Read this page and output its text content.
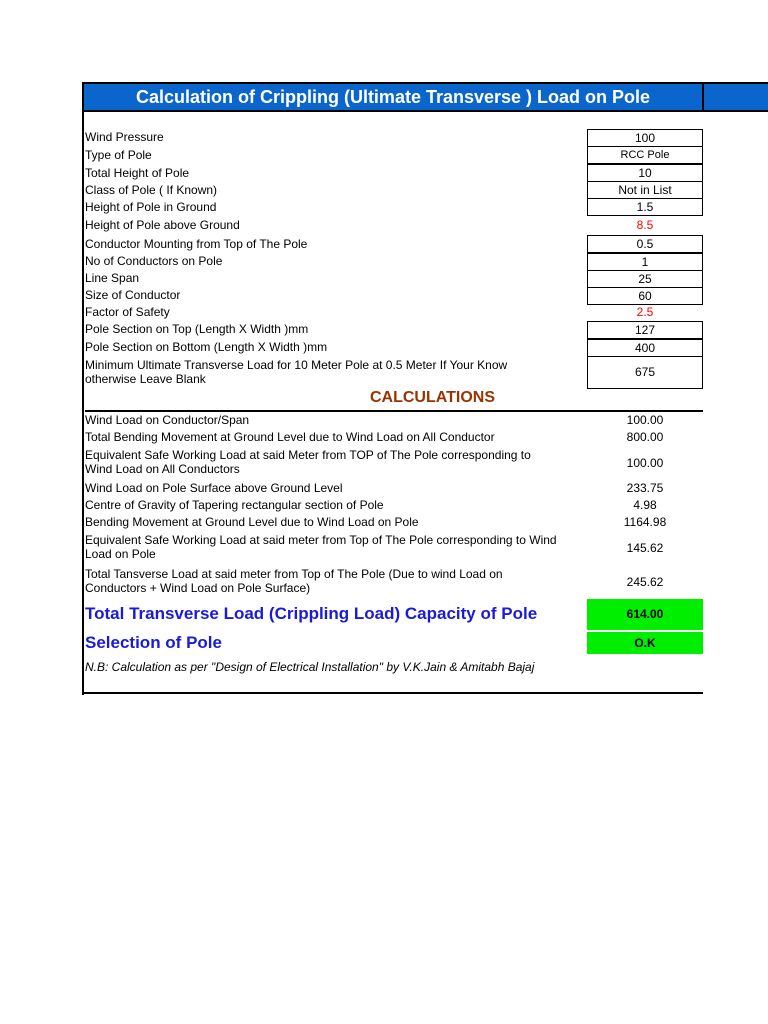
Calculation of Crippling (Ultimate Transverse ) Load on Pole
Wind Pressure	100
Type of Pole	RCC Pole
Total Height of Pole	10
Class of Pole ( If Known)	Not in List
Height of Pole in Ground	1.5
Height of Pole above Ground	8.5
Conductor Mounting from Top of The Pole	0.5
No of Conductors on Pole	1
Line Span	25
Size of Conductor	60
Factor of Safety	2.5
Pole Section on Top (Length X Width )mm	127
Pole Section on Bottom (Length X Width )mm	400
Minimum Ultimate Transverse Load for 10 Meter Pole at 0.5 Meter If Your Know
otherwise Leave Blank	675
CALCULATIONS
Wind Load on Conductor/Span	100.00
Total Bending Movement at Ground Level due to Wind Load on All Conductor	800.00
Equivalent Safe Working Load at said Meter from TOP of The Pole corresponding to
Wind Load on All Conductors	100.00
Wind Load on Pole Surface above Ground Level	233.75
Centre of Gravity of Tapering rectangular section of Pole	4.98
Bending Movement at Ground Level due to Wind Load on Pole	1164.98
Equivalent Safe Working Load at said meter from Top of The Pole corresponding to Wind
Load on Pole	145.62
Total Tansverse Load at said meter from Top of The Pole (Due to wind Load on
Conductors + Wind Load on Pole Surface)	245.62
Total Transverse Load (Crippling Load) Capacity of Pole	614.00
Selection of Pole	O.K
N.B: Calculation as per "Design of Electrical Installation" by V.K.Jain & Amitabh Bajaj
